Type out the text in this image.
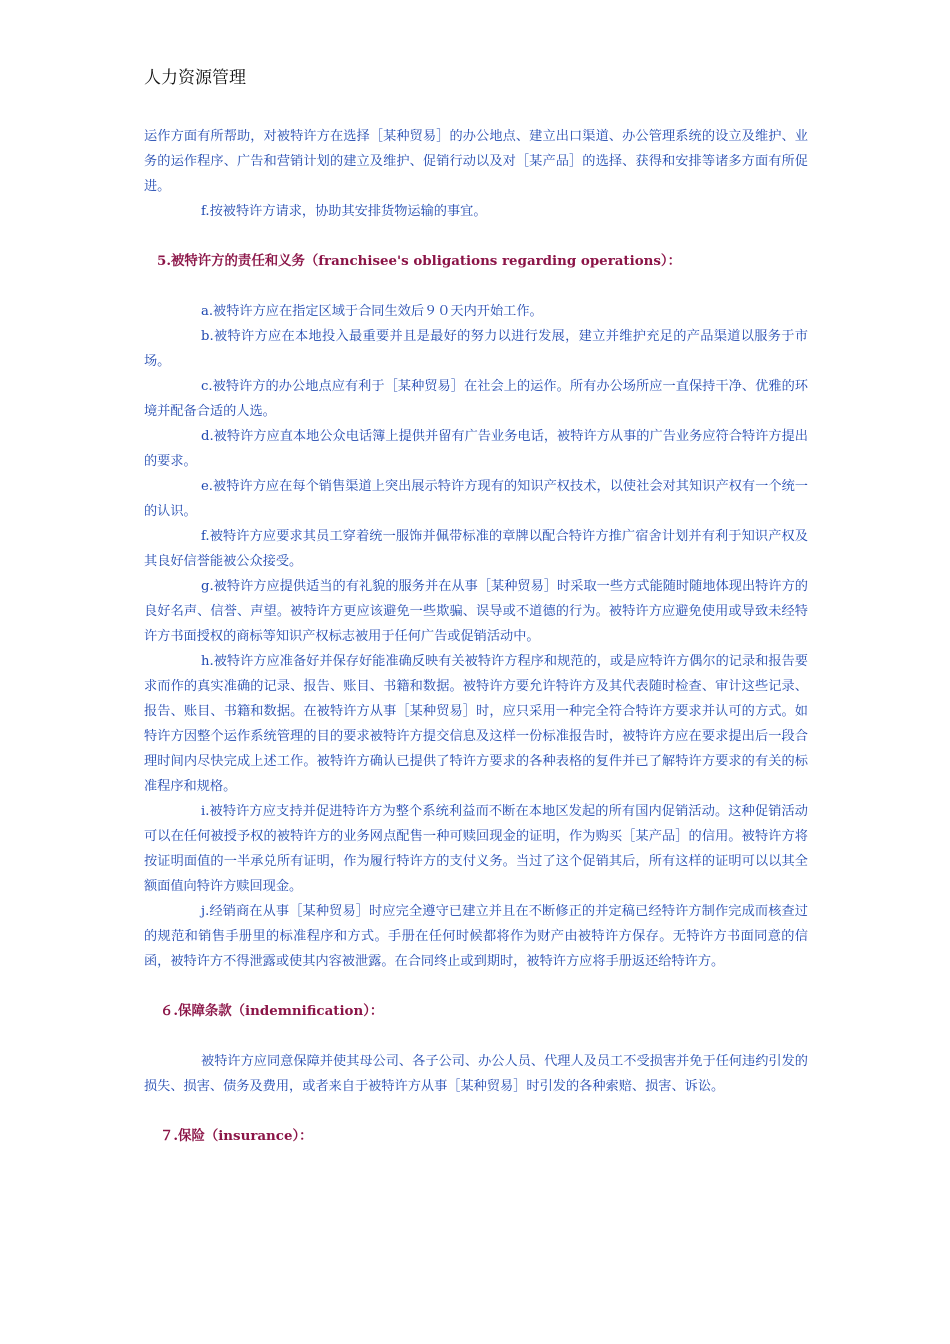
人力资源管理

运作方面有所帮助，对被特许方在选择［某种贸易］的办公地点、建立出口渠道、办公管理系统的设立及维护、业务的运作程序、广告和营销计划的建立及维护、促销行动以及对［某产品］的选择、获得和安排等诸多方面有所促进。

f.按被特许方请求，协助其安排货物运输的事宜。

5.被特许方的责任和义务（franchisee's obligations regarding operations）：

a.被特许方应在指定区域于合同生效后９０天内开始工作。

b.被特许方应在本地投入最重要并且是最好的努力以进行发展，建立并维护充足的产品渠道以服务于市场。

c.被特许方的办公地点应有利于［某种贸易］在社会上的运作。所有办公场所应一直保持干净、优雅的环境并配备合适的人选。

d.被特许方应直本地公众电话簿上提供并留有广告业务电话，被特许方从事的广告业务应符合特许方提出的要求。

e.被特许方应在每个销售渠道上突出展示特许方现有的知识产权技术，以使社会对其知识产权有一个统一的认识。

f.被特许方应要求其员工穿着统一服饰并佩带标准的章牌以配合特许方推广宿舍计划并有利于知识产权及其良好信誉能被公众接受。

g.被特许方应提供适当的有礼貌的服务并在从事［某种贸易］时采取一些方式能随时随地体现出特许方的良好名声、信誉、声望。被特许方更应该避免一些欺骗、误导或不道德的行为。被特许方应避免使用或导致未经特许方书面授权的商标等知识产权标志被用于任何广告或促销活动中。

h.被特许方应准备好并保存好能准确反映有关被特许方程序和规范的，或是应特许方偶尔的记录和报告要求而作的真实准确的记录、报告、账目、书籍和数据。被特许方要允许特许方及其代表随时检查、审计这些记录、报告、账目、书籍和数据。在被特许方从事［某种贸易］时，应只采用一种完全符合特许方要求并认可的方式。如特许方因整个运作系统管理的目的要求被特许方提交信息及这样一份标准报告时，被特许方应在要求提出后一段合理时间内尽快完成上述工作。被特许方确认已提供了特许方要求的各种表格的复件并已了解特许方要求的有关的标准程序和规格。

i.被特许方应支持并促进特许方为整个系统利益而不断在本地区发起的所有国内促销活动。这种促销活动可以在任何被授予权的被特许方的业务网点配售一种可赎回现金的证明，作为购买［某产品］的信用。被特许方将按证明面值的一半承兑所有证明，作为履行特许方的支付义务。当过了这个促销其后，所有这样的证明可以以其全额面值向特许方赎回现金。

j.经销商在从事［某种贸易］时应完全遵守已建立并且在不断修正的并定稿已经特许方制作完成而核查过的规范和销售手册里的标准程序和方式。手册在任何时候都将作为财产由被特许方保存。无特许方书面同意的信函，被特许方不得泄露或使其内容被泄露。在合同终止或到期时，被特许方应将手册返还给特许方。

６.保障条款（indemnification）：

被特许方应同意保障并使其母公司、各子公司、办公人员、代理人及员工不受损害并免于任何违约引发的损失、损害、债务及费用，或者来自于被特许方从事［某种贸易］时引发的各种索赔、损害、诉讼。

７.保险（insurance）：
